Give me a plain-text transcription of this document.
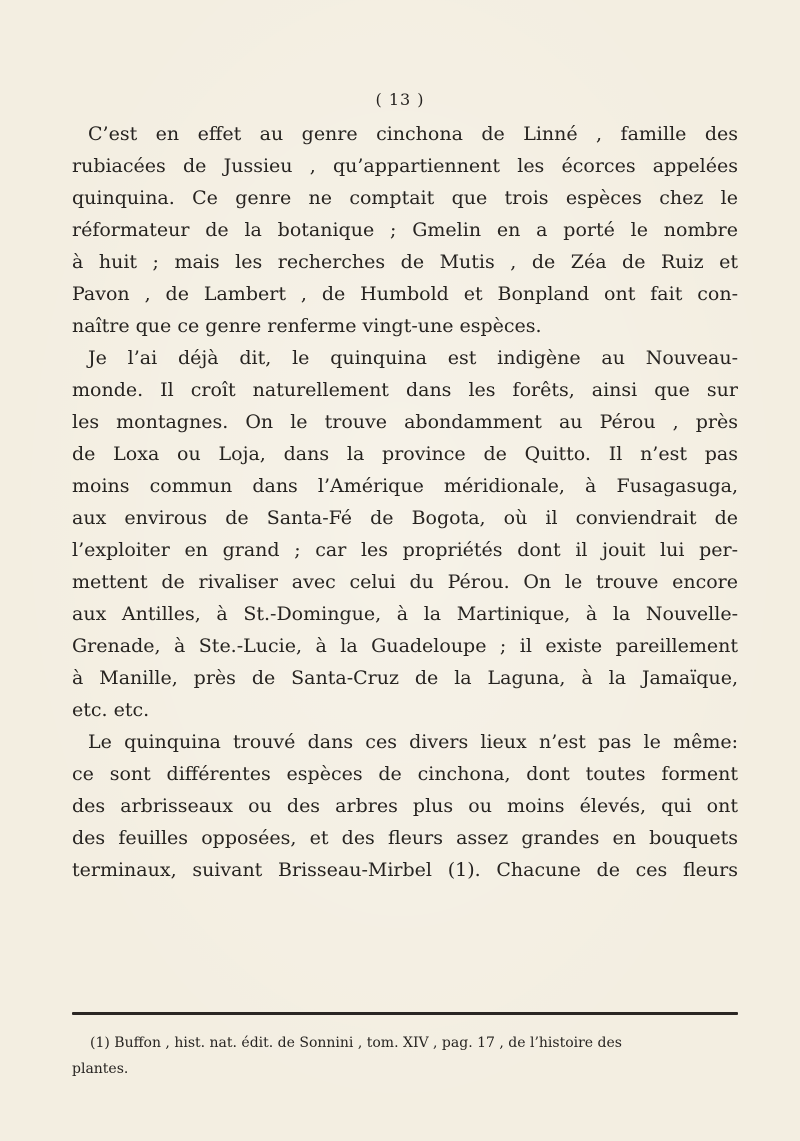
( 13 )
C’est en effet au genre cinchona de Linné , famille des
rubiacées de Jussieu , qu’appartiennent les écorces appelées
quinquina. Ce genre ne comptait que trois espèces chez le
réformateur de la botanique ; Gmelin en a porté le nombre
à huit ; mais les recherches de Mutis , de Zéa de Ruiz et
Pavon , de Lambert , de Humbold et Bonpland ont fait con-
naître que ce genre renferme vingt-une espèces.
Je l’ai déjà dit, le quinquina est indigène au Nouveau-
monde. Il croît naturellement dans les forêts, ainsi que sur
les montagnes. On le trouve abondamment au Pérou , près
de Loxa ou Loja, dans la province de Quitto. Il n’est pas
moins commun dans l’Amérique méridionale, à Fusagasuga,
aux envirous de Santa-Fé de Bogota, où il conviendrait de
l’exploiter en grand ; car les propriétés dont il jouit lui per-
mettent de rivaliser avec celui du Pérou. On le trouve encore
aux Antilles, à St.-Domingue, à la Martinique, à la Nouvelle-
Grenade, à Ste.-Lucie, à la Guadeloupe ; il existe pareillement
à Manille, près de Santa-Cruz de la Laguna, à la Jamaïque,
etc. etc.
Le quinquina trouvé dans ces divers lieux n’est pas le même:
ce sont différentes espèces de cinchona, dont toutes forment
des arbrisseaux ou des arbres plus ou moins élevés, qui ont
des feuilles opposées, et des fleurs assez grandes en bouquets
terminaux, suivant Brisseau-Mirbel (1). Chacune de ces fleurs
(1) Buffon , hist. nat. édit. de Sonnini , tom. XIV , pag. 17 , de l’histoire des
plantes.
